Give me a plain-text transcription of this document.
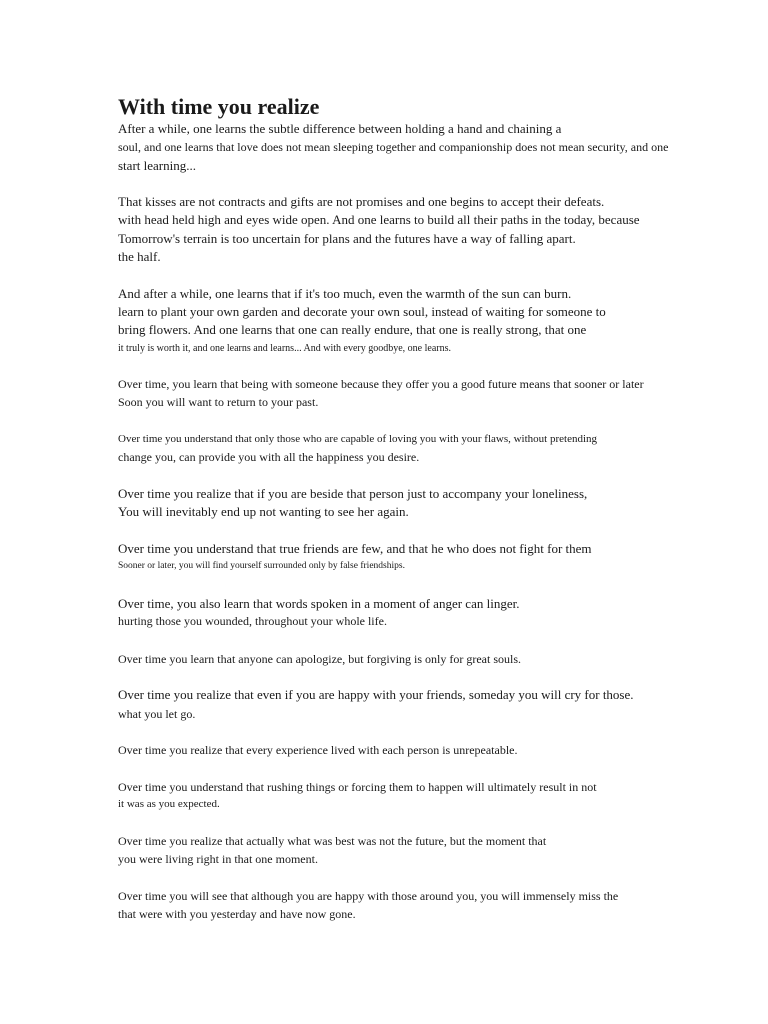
With time you realize

After a while, one learns the subtle difference between holding a hand and chaining a

soul, and one learns that love does not mean sleeping together and companionship does not mean security, and one

start learning...

That kisses are not contracts and gifts are not promises and one begins to accept their defeats.

with head held high and eyes wide open. And one learns to build all their paths in the today, because

Tomorrow's terrain is too uncertain for plans and the futures have a way of falling apart.

the half.

And after a while, one learns that if it's too much, even the warmth of the sun can burn.

learn to plant your own garden and decorate your own soul, instead of waiting for someone to

bring flowers. And one learns that one can really endure, that one is really strong, that one

it truly is worth it, and one learns and learns... And with every goodbye, one learns.

Over time, you learn that being with someone because they offer you a good future means that sooner or later

Soon you will want to return to your past.

Over time you understand that only those who are capable of loving you with your flaws, without pretending

change you, can provide you with all the happiness you desire.

Over time you realize that if you are beside that person just to accompany your loneliness,

You will inevitably end up not wanting to see her again.

Over time you understand that true friends are few, and that he who does not fight for them

Sooner or later, you will find yourself surrounded only by false friendships.

Over time, you also learn that words spoken in a moment of anger can linger.

hurting those you wounded, throughout your whole life.

Over time you learn that anyone can apologize, but forgiving is only for great souls.

Over time you realize that even if you are happy with your friends, someday you will cry for those.

what you let go.

Over time you realize that every experience lived with each person is unrepeatable.

Over time you understand that rushing things or forcing them to happen will ultimately result in not

it was as you expected.

Over time you realize that actually what was best was not the future, but the moment that

you were living right in that one moment.

Over time you will see that although you are happy with those around you, you will immensely miss the

that were with you yesterday and have now gone.
